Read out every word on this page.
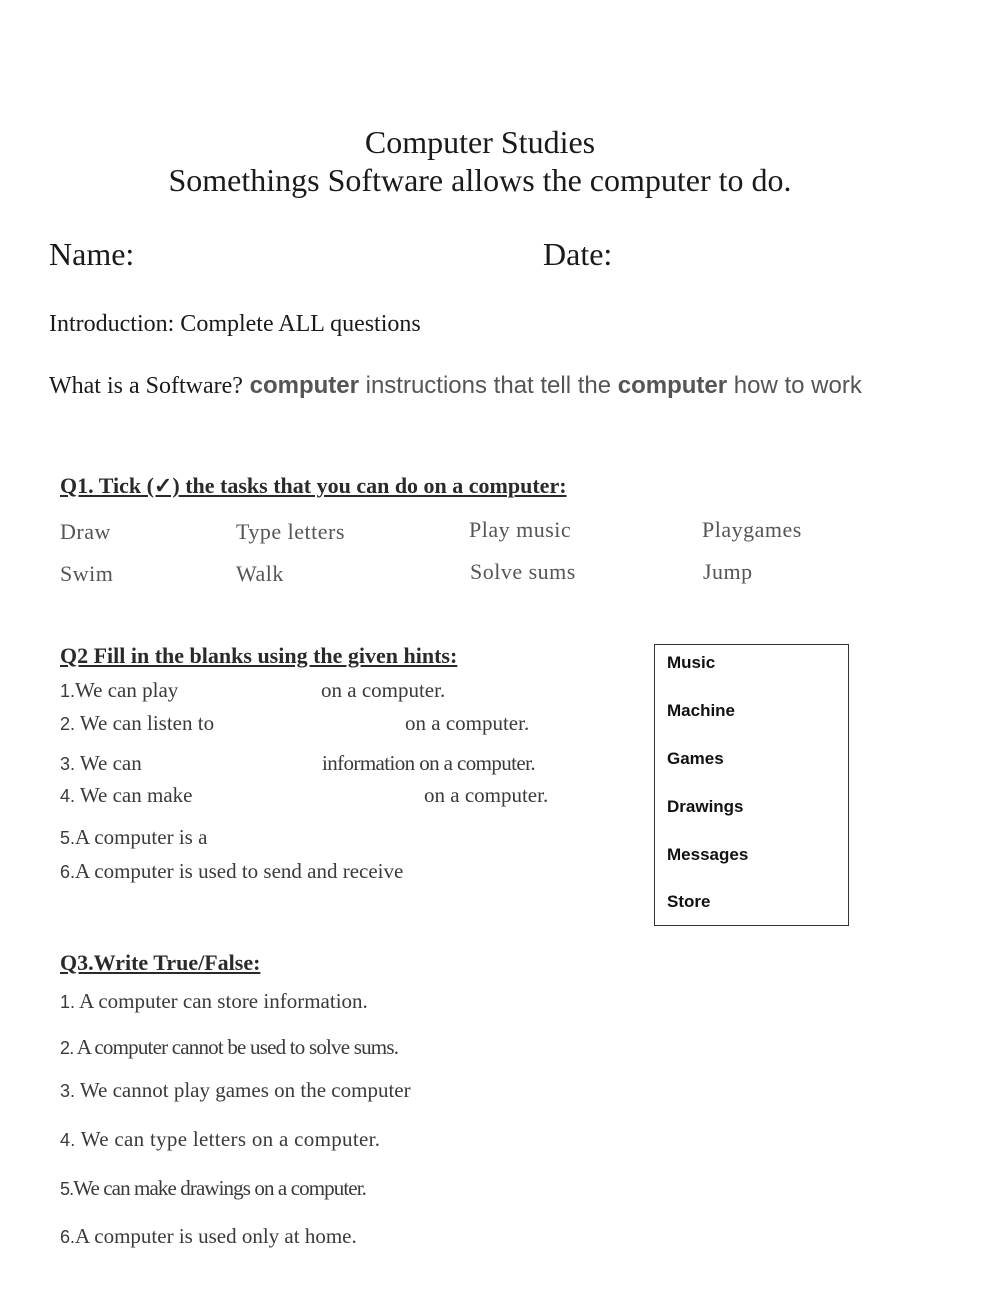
Computer Studies
Somethings Software allows the computer to do.
Name:	Date:
Introduction: Complete ALL questions
What is a Software? computer instructions that tell the computer how to work
Q1. Tick (✓) the tasks that you can do on a computer:
Draw	Type letters	Play music	Playgames
Swim	Walk	Solve sums	Jump
Q2 Fill in the blanks using the given hints:
1.We can play	on a computer.
2. We can listen to	on a computer.
3. We can	information on a computer.
4. We can make	on a computer.
5.A computer is a
6.A computer is used to send and receive
Music
Machine
Games
Drawings
Messages
Store
Q3.Write True/False:
1. A computer can store information.
2. A computer cannot be used to solve sums.
3. We cannot play games on the computer
4. We can type letters on a computer.
5.We can make drawings on a computer.
6.A computer is used only at home.
